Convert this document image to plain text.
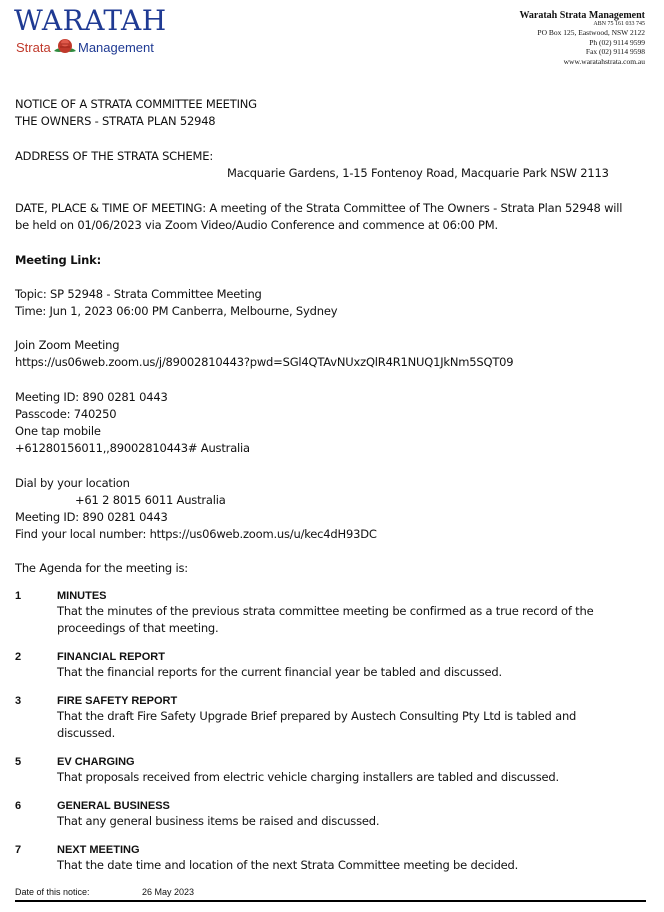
WARATAH
Strata Management
Waratah Strata Management
ABN 75 161 033 745
PO Box 125, Eastwood, NSW 2122
Ph (02) 9114 9599
Fax (02) 9114 9598
www.waratahstrata.com.au
NOTICE OF A STRATA COMMITTEE MEETING
THE OWNERS - STRATA PLAN 52948
ADDRESS OF THE STRATA SCHEME:
Macquarie Gardens, 1-15 Fontenoy Road, Macquarie Park NSW 2113
DATE, PLACE & TIME OF MEETING: A meeting of the Strata Committee of The Owners - Strata Plan 52948 will
be held on 01/06/2023 via Zoom Video/Audio Conference and commence at 06:00 PM.
Meeting Link:
Topic: SP 52948 - Strata Committee Meeting
Time: Jun 1, 2023 06:00 PM Canberra, Melbourne, Sydney
Join Zoom Meeting
https://us06web.zoom.us/j/89002810443?pwd=SGl4QTAvNUxzQlR4R1NUQ1JkNm5SQT09
Meeting ID: 890 0281 0443
Passcode: 740250
One tap mobile
+61280156011,,89002810443# Australia
Dial by your location
+61 2 8015 6011 Australia
Meeting ID: 890 0281 0443
Find your local number: https://us06web.zoom.us/u/kec4dH93DC
The Agenda for the meeting is:
1	MINUTES
That the minutes of the previous strata committee meeting be confirmed as a true record of the
proceedings of that meeting.
2	FINANCIAL REPORT
That the financial reports for the current financial year be tabled and discussed.
3	FIRE SAFETY REPORT
That the draft Fire Safety Upgrade Brief prepared by Austech Consulting Pty Ltd is tabled and
discussed.
5	EV CHARGING
That proposals received from electric vehicle charging installers are tabled and discussed.
6	GENERAL BUSINESS
That any general business items be raised and discussed.
7	NEXT MEETING
That the date time and location of the next Strata Committee meeting be decided.
Date of this notice:	26 May 2023
